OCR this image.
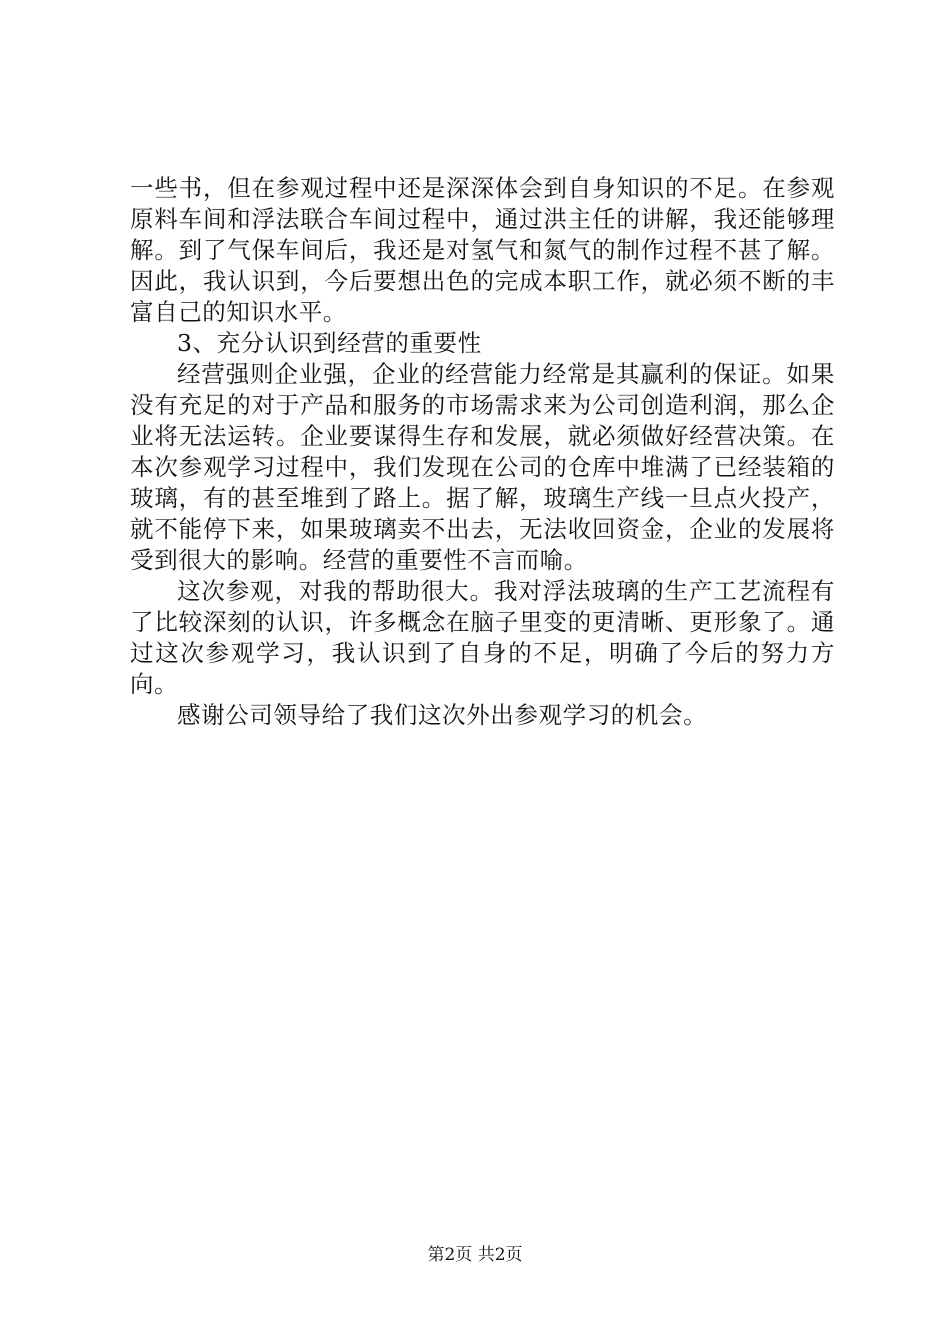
一些书，但在参观过程中还是深深体会到自身知识的不足。在参观原料车间和浮法联合车间过程中，通过洪主任的讲解，我还能够理解。到了气保车间后，我还是对氢气和氮气的制作过程不甚了解。因此，我认识到，今后要想出色的完成本职工作，就必须不断的丰富自己的知识水平。

3、充分认识到经营的重要性

经营强则企业强，企业的经营能力经常是其赢利的保证。如果没有充足的对于产品和服务的市场需求来为公司创造利润，那么企业将无法运转。企业要谋得生存和发展，就必须做好经营决策。在本次参观学习过程中，我们发现在公司的仓库中堆满了已经装箱的玻璃，有的甚至堆到了路上。据了解，玻璃生产线一旦点火投产，就不能停下来，如果玻璃卖不出去，无法收回资金，企业的发展将受到很大的影响。经营的重要性不言而喻。

这次参观，对我的帮助很大。我对浮法玻璃的生产工艺流程有了比较深刻的认识，许多概念在脑子里变的更清晰、更形象了。通过这次参观学习，我认识到了自身的不足，明确了今后的努力方向。

感谢公司领导给了我们这次外出参观学习的机会。

第2页 共2页
